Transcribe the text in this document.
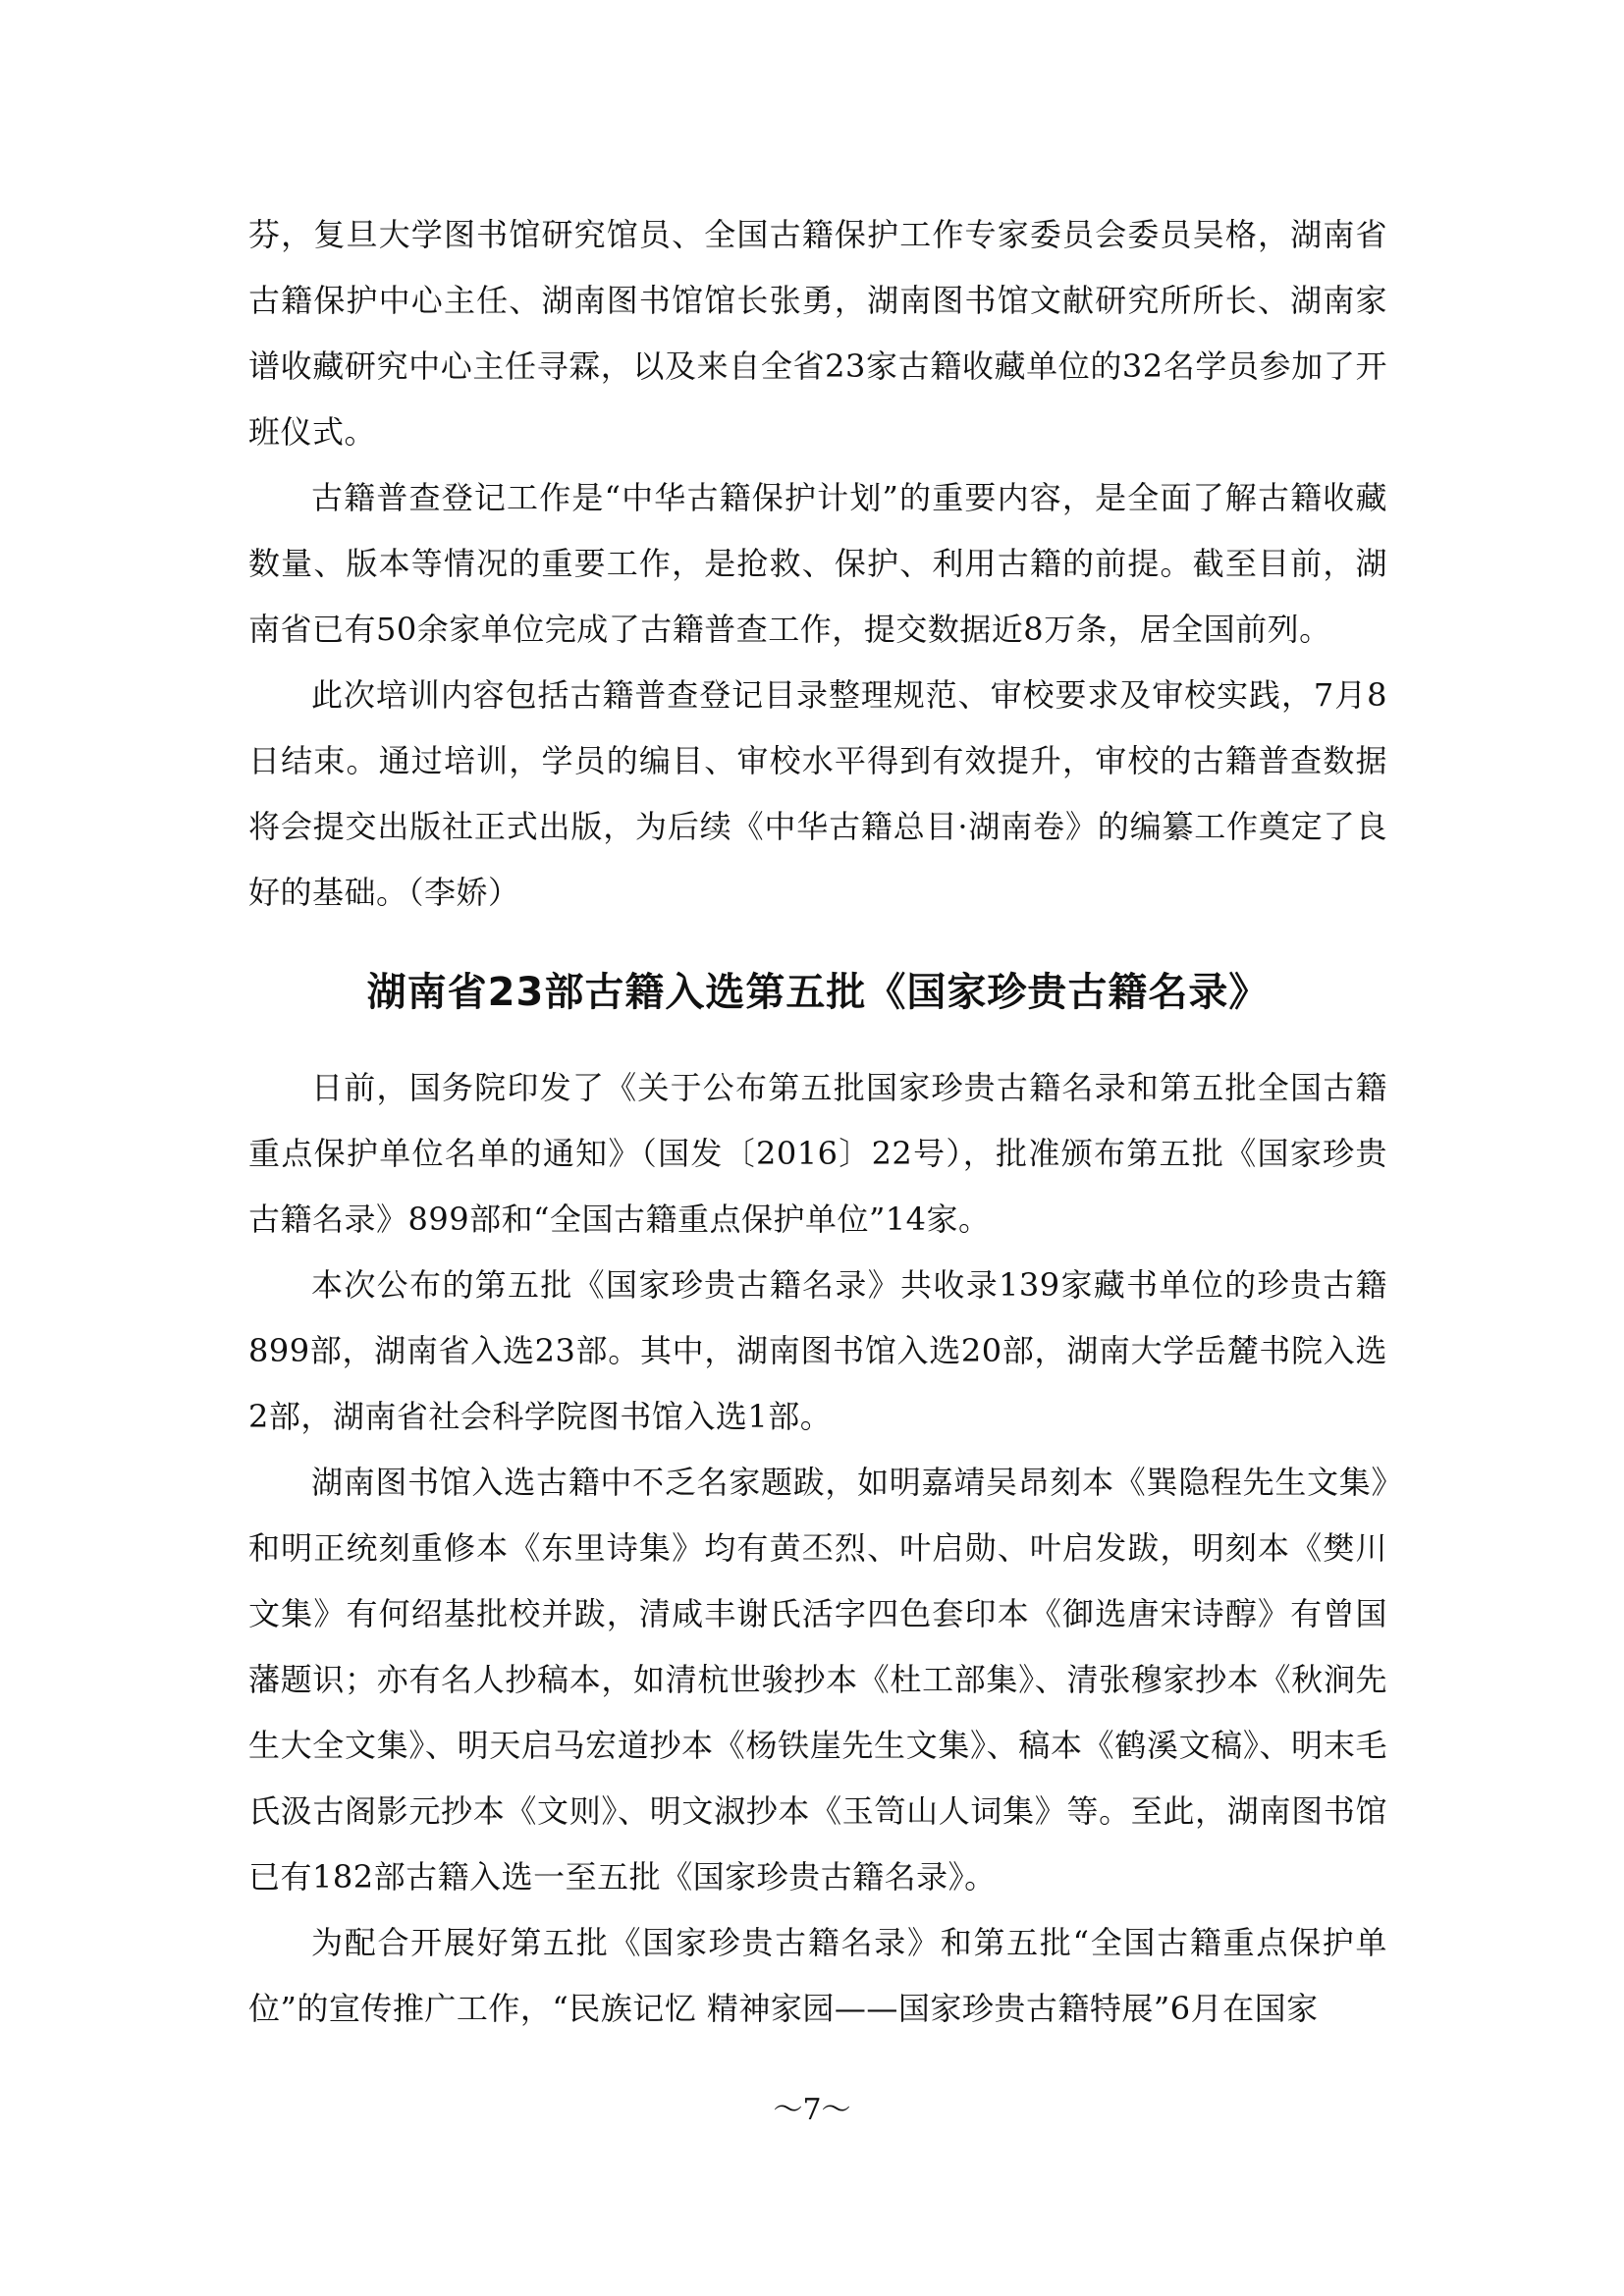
芬，复旦大学图书馆研究馆员、全国古籍保护工作专家委员会委员吴格，湖南省古籍保护中心主任、湖南图书馆馆长张勇，湖南图书馆文献研究所所长、湖南家谱收藏研究中心主任寻霖，以及来自全省23家古籍收藏单位的32名学员参加了开班仪式。

古籍普查登记工作是“中华古籍保护计划”的重要内容，是全面了解古籍收藏数量、版本等情况的重要工作，是抢救、保护、利用古籍的前提。截至目前，湖南省已有50余家单位完成了古籍普查工作，提交数据近8万条，居全国前列。

此次培训内容包括古籍普查登记目录整理规范、审校要求及审校实践，7月8日结束。通过培训，学员的编目、审校水平得到有效提升，审校的古籍普查数据将会提交出版社正式出版，为后续《中华古籍总目·湖南卷》的编纂工作奠定了良好的基础。（李娇）

湖南省23部古籍入选第五批《国家珍贵古籍名录》

日前，国务院印发了《关于公布第五批国家珍贵古籍名录和第五批全国古籍重点保护单位名单的通知》（国发〔2016〕22号），批准颁布第五批《国家珍贵古籍名录》899部和“全国古籍重点保护单位”14家。

本次公布的第五批《国家珍贵古籍名录》共收录139家藏书单位的珍贵古籍899部，湖南省入选23部。其中，湖南图书馆入选20部，湖南大学岳麓书院入选2部，湖南省社会科学院图书馆入选1部。

湖南图书馆入选古籍中不乏名家题跋，如明嘉靖吴昂刻本《巽隐程先生文集》和明正统刻重修本《东里诗集》均有黄丕烈、叶启勋、叶启发跋，明刻本《樊川文集》有何绍基批校并跋，清咸丰谢氏活字四色套印本《御选唐宋诗醇》有曾国藩题识；亦有名人抄稿本，如清杭世骏抄本《杜工部集》、清张穆家抄本《秋涧先生大全文集》、明天启马宏道抄本《杨铁崖先生文集》、稿本《鹤溪文稿》、明末毛氏汲古阁影元抄本《文则》、明文淑抄本《玉笥山人词集》等。至此，湖南图书馆已有182部古籍入选一至五批《国家珍贵古籍名录》。

为配合开展好第五批《国家珍贵古籍名录》和第五批“全国古籍重点保护单位”的宣传推广工作，“民族记忆 精神家园——国家珍贵古籍特展”6月在国家

～7～
